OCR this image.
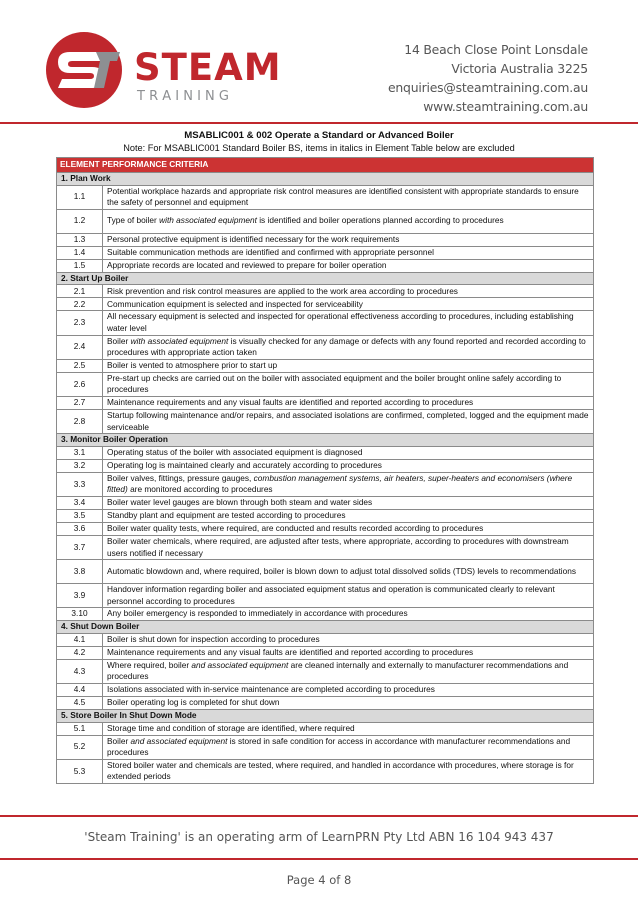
STEAM
T R A I N I N G
14 Beach Close Point Lonsdale
Victoria Australia 3225
enquiries@steamtraining.com.au
www.steamtraining.com.au
MSABLIC001 & 002 Operate a Standard or Advanced Boiler
Note: For MSABLIC001 Standard Boiler BS, items in italics in Element Table below are excluded
ELEMENT PERFORMANCE CRITERIA	
1. Plan Work	
1.1	Potential workplace hazards and appropriate risk control measures are identified consistent with appropriate standards to ensure the safety of personnel and equipment
1.2	Type of boiler with associated equipment is identified and boiler operations planned according to procedures
1.3	Personal protective equipment is identified necessary for the work requirements
1.4	Suitable communication methods are identified and confirmed with appropriate personnel
1.5	Appropriate records are located and reviewed to prepare for boiler operation
2. Start Up Boiler	
2.1	Risk prevention and risk control measures are applied to the work area according to procedures
2.2	Communication equipment is selected and inspected for serviceability
2.3	All necessary equipment is selected and inspected for operational effectiveness according to procedures, including establishing water level
2.4	Boiler with associated equipment is visually checked for any damage or defects with any found reported and recorded according to procedures with appropriate action taken
2.5	Boiler is vented to atmosphere prior to start up
2.6	Pre-start up checks are carried out on the boiler with associated equipment and the boiler brought online safely according to procedures
2.7	Maintenance requirements and any visual faults are identified and reported according to procedures
2.8	Startup following maintenance and/or repairs, and associated isolations are confirmed, completed, logged and the equipment made serviceable
3. Monitor Boiler Operation	
3.1	Operating status of the boiler with associated equipment is diagnosed
3.2	Operating log is maintained clearly and accurately according to procedures
3.3	Boiler valves, fittings, pressure gauges, combustion management systems, air heaters, super-heaters and economisers (where fitted) are monitored according to procedures
3.4	Boiler water level gauges are blown through both steam and water sides
3.5	Standby plant and equipment are tested according to procedures
3.6	Boiler water quality tests, where required, are conducted and results recorded according to procedures
3.7	Boiler water chemicals, where required, are adjusted after tests, where appropriate, according to procedures with downstream users notified if necessary
3.8	Automatic blowdown and, where required, boiler is blown down to adjust total dissolved solids (TDS) levels to recommendations
3.9	Handover information regarding boiler and associated equipment status and operation is communicated clearly to relevant personnel according to procedures
3.10	Any boiler emergency is responded to immediately in accordance with procedures
4. Shut Down Boiler	
4.1	Boiler is shut down for inspection according to procedures
4.2	Maintenance requirements and any visual faults are identified and reported according to procedures
4.3	Where required, boiler and associated equipment are cleaned internally and externally to manufacturer recommendations and procedures
4.4	Isolations associated with in-service maintenance are completed according to procedures
4.5	Boiler operating log is completed for shut down
5. Store Boiler In Shut Down Mode	
5.1	Storage time and condition of storage are identified, where required
5.2	Boiler and associated equipment is stored in safe condition for access in accordance with manufacturer recommendations and procedures
5.3	Stored boiler water and chemicals are tested, where required, and handled in accordance with procedures, where storage is for extended periods
'Steam Training' is an operating arm of LearnPRN Pty Ltd ABN 16 104 943 437
Page 4 of 8
